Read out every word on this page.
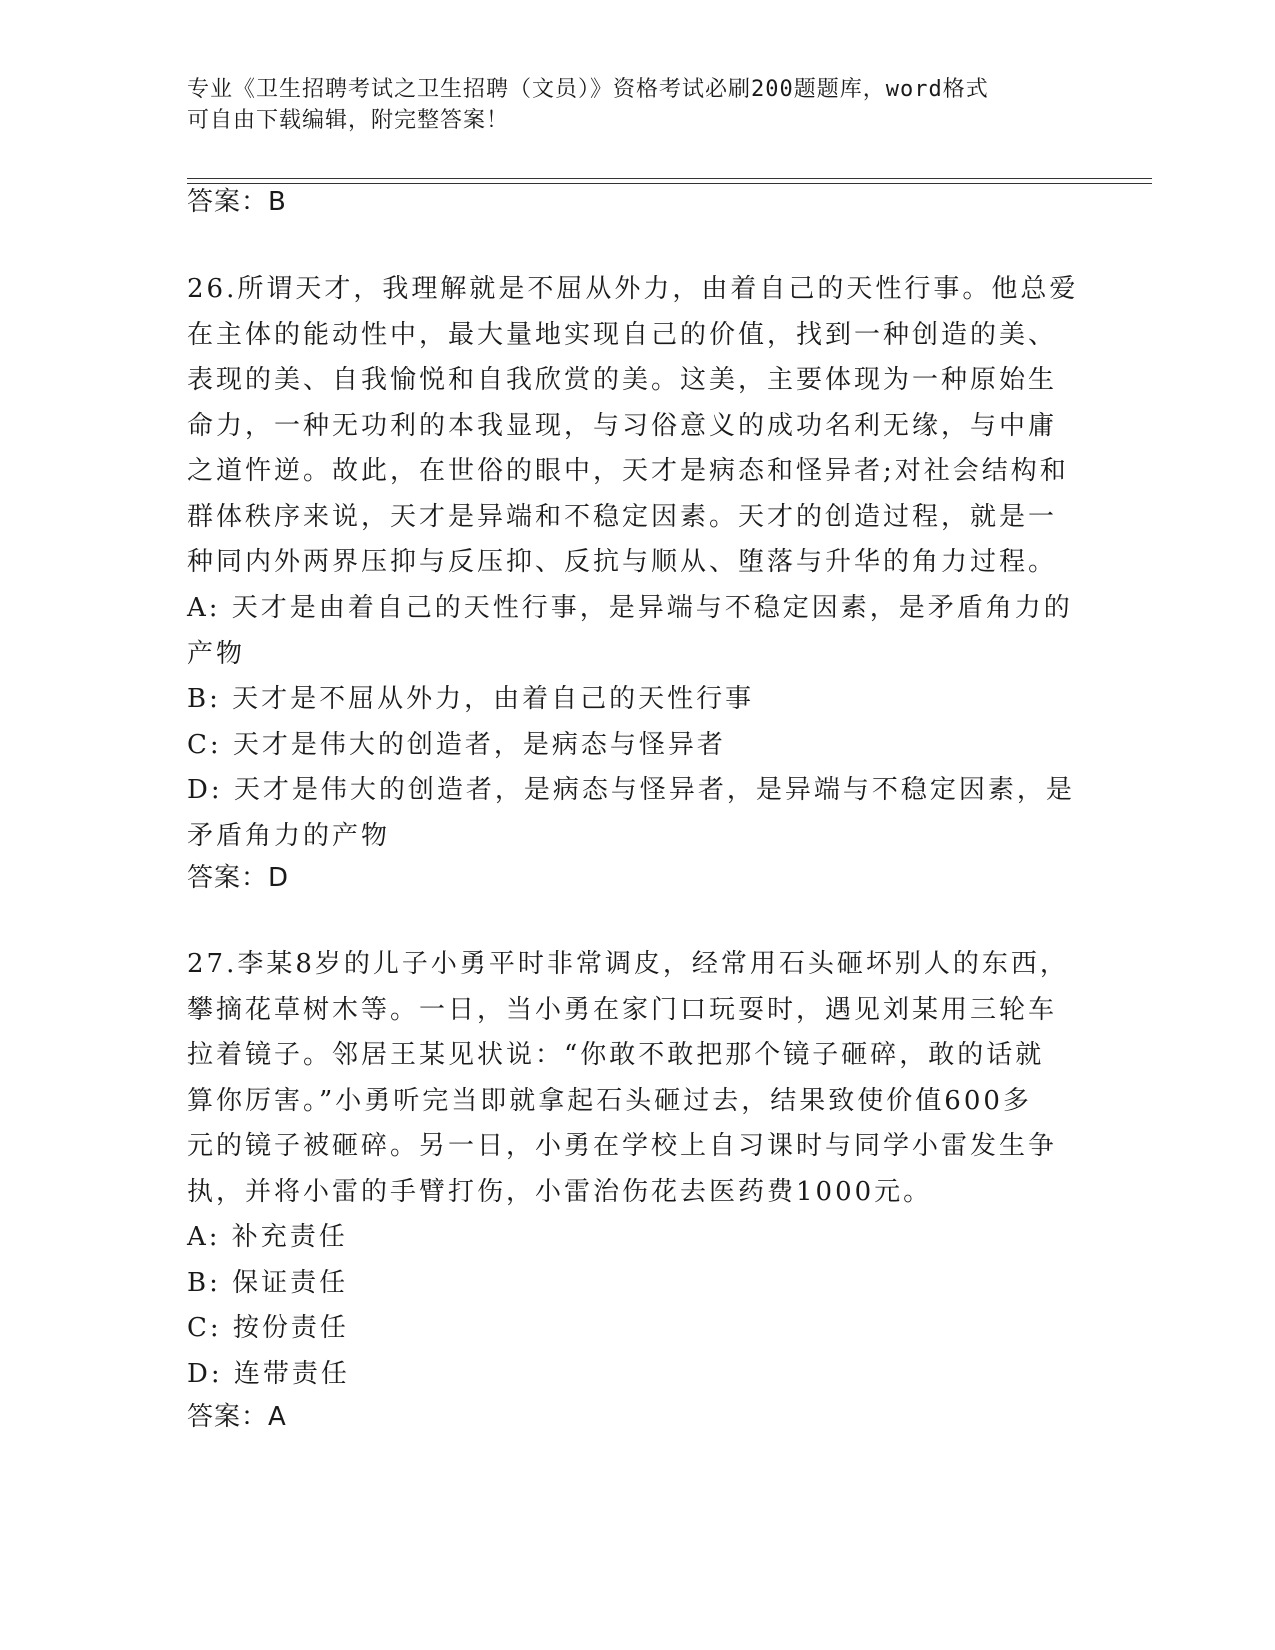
专业《卫生招聘考试之卫生招聘（文员）》资格考试必刷200题题库，word格式
可自由下载编辑，附完整答案！
答案：B
26.所谓天才，我理解就是不屈从外力，由着自己的天性行事。他总爱
在主体的能动性中，最大量地实现自己的价值，找到一种创造的美、
表现的美、自我愉悦和自我欣赏的美。这美，主要体现为一种原始生
命力，一种无功利的本我显现，与习俗意义的成功名利无缘，与中庸
之道忤逆。故此，在世俗的眼中，天才是病态和怪异者;对社会结构和
群体秩序来说，天才是异端和不稳定因素。天才的创造过程，就是一
种同内外两界压抑与反压抑、反抗与顺从、堕落与升华的角力过程。
A: 天才是由着自己的天性行事，是异端与不稳定因素，是矛盾角力的
产物
B: 天才是不屈从外力，由着自己的天性行事
C: 天才是伟大的创造者，是病态与怪异者
D: 天才是伟大的创造者，是病态与怪异者，是异端与不稳定因素，是
矛盾角力的产物
答案：D
27.李某8岁的儿子小勇平时非常调皮，经常用石头砸坏别人的东西，
攀摘花草树木等。一日，当小勇在家门口玩耍时，遇见刘某用三轮车
拉着镜子。邻居王某见状说：“你敢不敢把那个镜子砸碎，敢的话就
算你厉害。”小勇听完当即就拿起石头砸过去，结果致使价值600多
元的镜子被砸碎。另一日，小勇在学校上自习课时与同学小雷发生争
执，并将小雷的手臂打伤，小雷治伤花去医药费1000元。
A: 补充责任
B: 保证责任
C: 按份责任
D: 连带责任
答案：A
